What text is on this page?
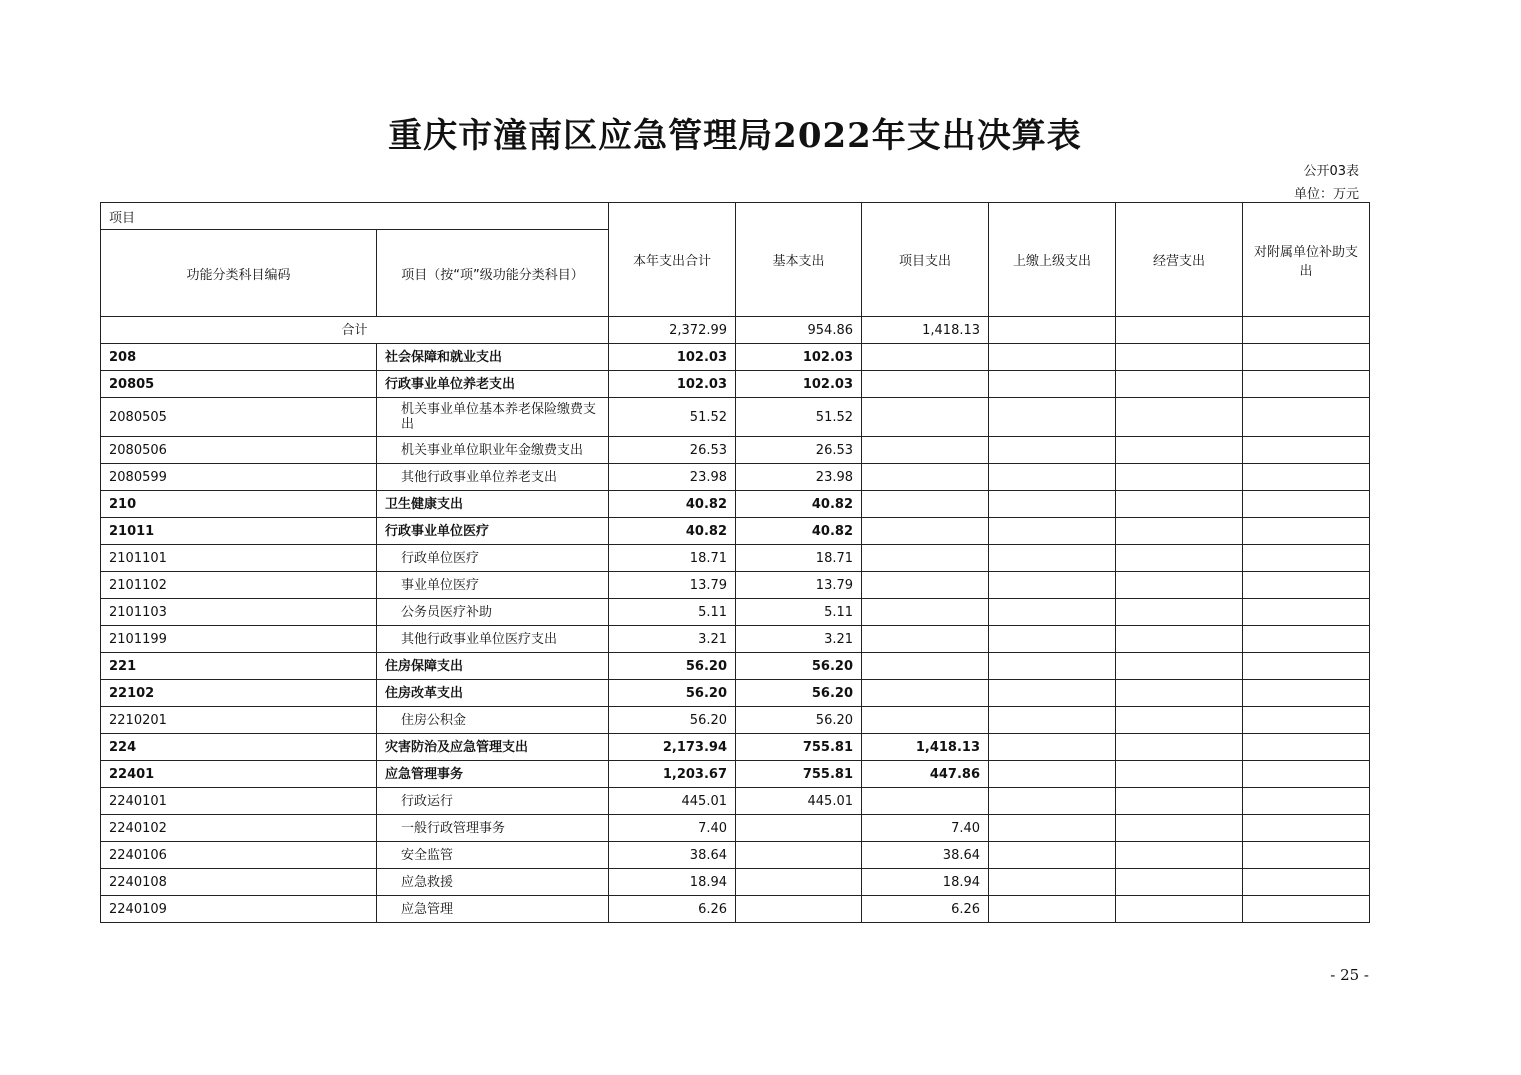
重庆市潼南区应急管理局2022年支出决算表
公开03表
单位：万元
项目		本年支出合计	基本支出	项目支出	上缴上级支出	经营支出	对附属单位补助支出
功能分类科目编码	项目（按“项”级功能分类科目）						
合计		2,372.99	954.86	1,418.13			
208	社会保障和就业支出	102.03	102.03				
20805	行政事业单位养老支出	102.03	102.03				
2080505	机关事业单位基本养老保险缴费支出	51.52	51.52				
2080506	机关事业单位职业年金缴费支出	26.53	26.53				
2080599	其他行政事业单位养老支出	23.98	23.98				
210	卫生健康支出	40.82	40.82				
21011	行政事业单位医疗	40.82	40.82				
2101101	行政单位医疗	18.71	18.71				
2101102	事业单位医疗	13.79	13.79				
2101103	公务员医疗补助	5.11	5.11				
2101199	其他行政事业单位医疗支出	3.21	3.21				
221	住房保障支出	56.20	56.20				
22102	住房改革支出	56.20	56.20				
2210201	住房公积金	56.20	56.20				
224	灾害防治及应急管理支出	2,173.94	755.81	1,418.13			
22401	应急管理事务	1,203.67	755.81	447.86			
2240101	行政运行	445.01	445.01				
2240102	一般行政管理事务	7.40		7.40			
2240106	安全监管	38.64		38.64			
2240108	应急救援	18.94		18.94			
2240109	应急管理	6.26		6.26			
- 25 -
